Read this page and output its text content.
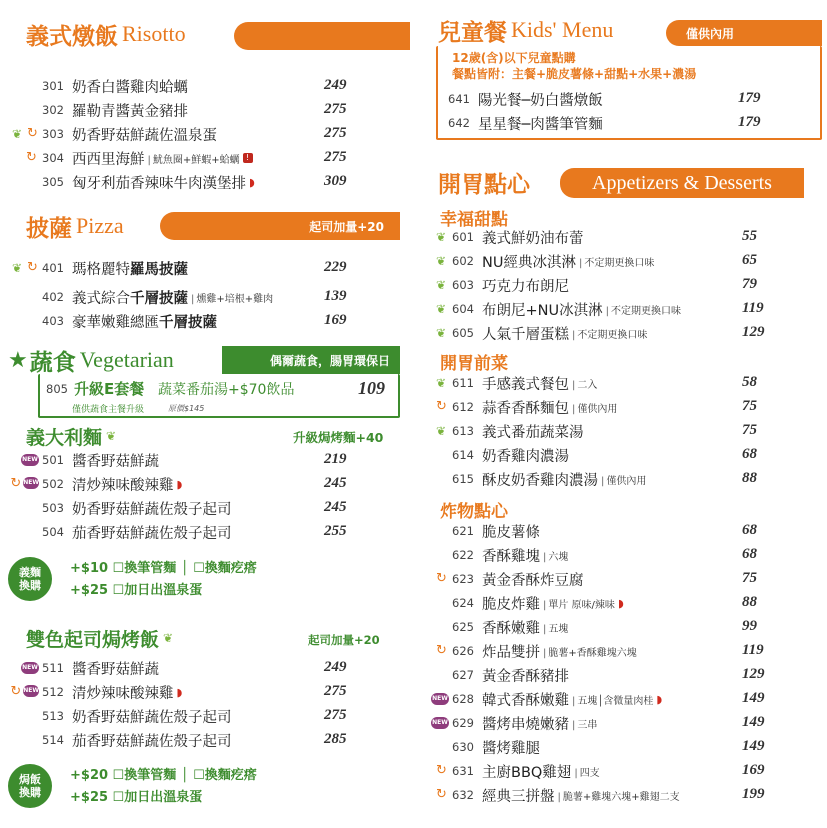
義式燉飯 Risotto
301 奶香白醬雞肉蛤蠣	249
302 羅勒青醬黃金豬排	275
❦
↻
303 奶香野菇鮮蔬佐溫泉蛋	275
↻
304 西西里海鮮 | 魷魚圈+鮮蝦+蛤蠣 !	275
305 匈牙利茄香辣味牛肉漢堡排 ◗	309
披薩 Pizza	起司加量+20
❦
↻
401 瑪格麗特羅馬披薩	229
402 義式綜合千層披薩 | 燻雞+培根+雞肉	139
403 豪華嫩雞總匯千層披薩	169
★ 蔬食 Vegetarian	偶爾蔬食，腸胃環保日
805 升級E套餐 蔬菜番茄湯+$70飲品	109
僅供蔬食主餐升級	原價$145
義大利麵 ❦	升級焗烤麵+40
NEW 501 醬香野菇鮮蔬	219
↻
NEW 502 清炒辣味酸辣雞 ◗	245
503 奶香野菇鮮蔬佐殼子起司	245
504 茄香野菇鮮蔬佐殼子起司	255
義麵
換購
+$10 ☐換筆管麵 │ ☐換麵疙瘩
+$25 ☐加日出溫泉蛋
雙色起司焗烤飯 ❦	起司加量+20
NEW 511 醬香野菇鮮蔬	249
↻
NEW 512 清炒辣味酸辣雞 ◗	275
513 奶香野菇鮮蔬佐殼子起司	275
514 茄香野菇鮮蔬佐殼子起司	285
焗飯
換購
+$20 ☐換筆管麵 │ ☐換麵疙瘩
+$25 ☐加日出溫泉蛋
兒童餐 Kids' Menu	僅供內用
12歲(含)以下兒童點購
餐點皆附：主餐+脆皮薯條+甜點+水果+濃湯
641 陽光餐─奶白醬燉飯	179
642 星星餐─肉醬筆管麵	179
開胃點心	Appetizers & Desserts
幸福甜點
❦
601 義式鮮奶油布蕾	55
❦
602 NU經典冰淇淋 | 不定期更換口味	65
❦
603 巧克力布朗尼	79
❦
604 布朗尼+NU冰淇淋 | 不定期更換口味	119
❦
605 人氣千層蛋糕 | 不定期更換口味	129
開胃前菜
❦
611 手感義式餐包 | 二入	58
↻
612 蒜香香酥麵包 | 僅供內用	75
❦
613 義式番茄蔬菜湯	75
614 奶香雞肉濃湯	68
615 酥皮奶香雞肉濃湯 | 僅供內用	88
炸物點心
621 脆皮薯條	68
622 香酥雞塊 | 六塊	68
↻
623 黃金香酥炸豆腐	75
624 脆皮炸雞 | 單片 原味/辣味 ◗	88
625 香酥嫩雞 | 五塊	99
↻
626 炸品雙拼 | 脆薯+香酥雞塊六塊	119
627 黃金香酥豬排	129
NEW 628 韓式香酥嫩雞 | 五塊│含微量肉桂 ◗	149
NEW 629 醬烤串燒嫩豬 | 三串	149
630 醬烤雞腿	149
↻
631 主廚BBQ雞翅 | 四支	169
↻
632 經典三拼盤 | 脆薯+雞塊六塊+雞翅二支	199
